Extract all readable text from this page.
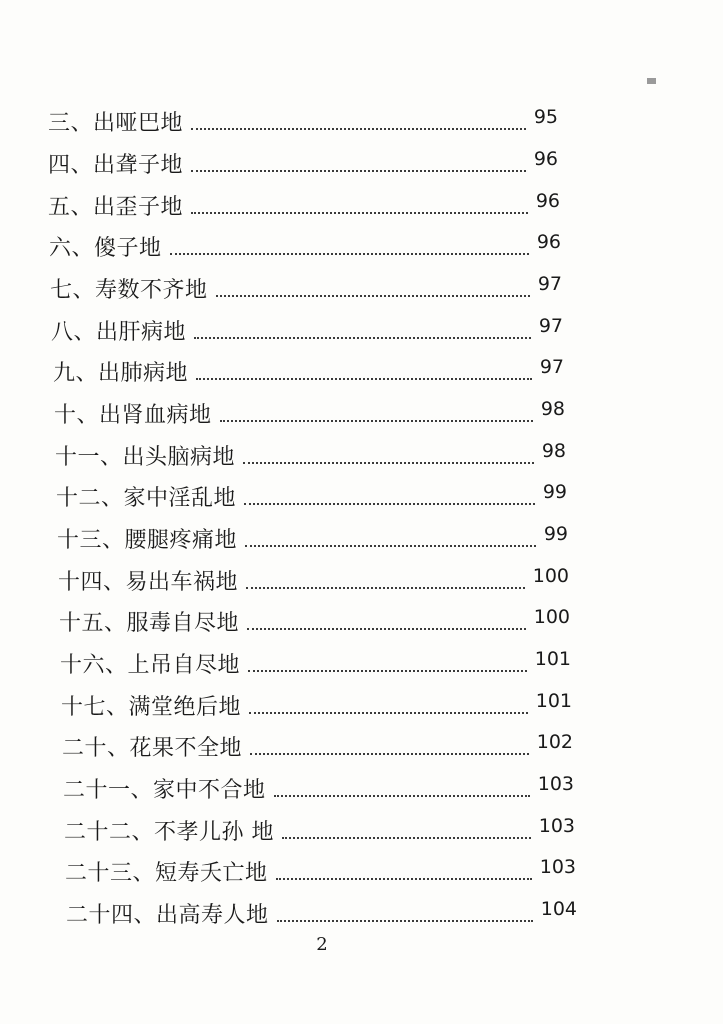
三、出哑巴地	95
四、出聋子地	96
五、出歪子地	96
六、傻子地	96
七、寿数不齐地	97
八、出肝病地	97
九、出肺病地	97
十、出肾血病地	98
十一、出头脑病地	98
十二、家中淫乱地	99
十三、腰腿疼痛地	99
十四、易出车祸地	100
十五、服毒自尽地	100
十六、上吊自尽地	101
十七、满堂绝后地	101
二十、花果不全地	102
二十一、家中不合地	103
二十二、不孝儿孙 地	103
二十三、短寿夭亡地	103
二十四、出高寿人地	104
2
